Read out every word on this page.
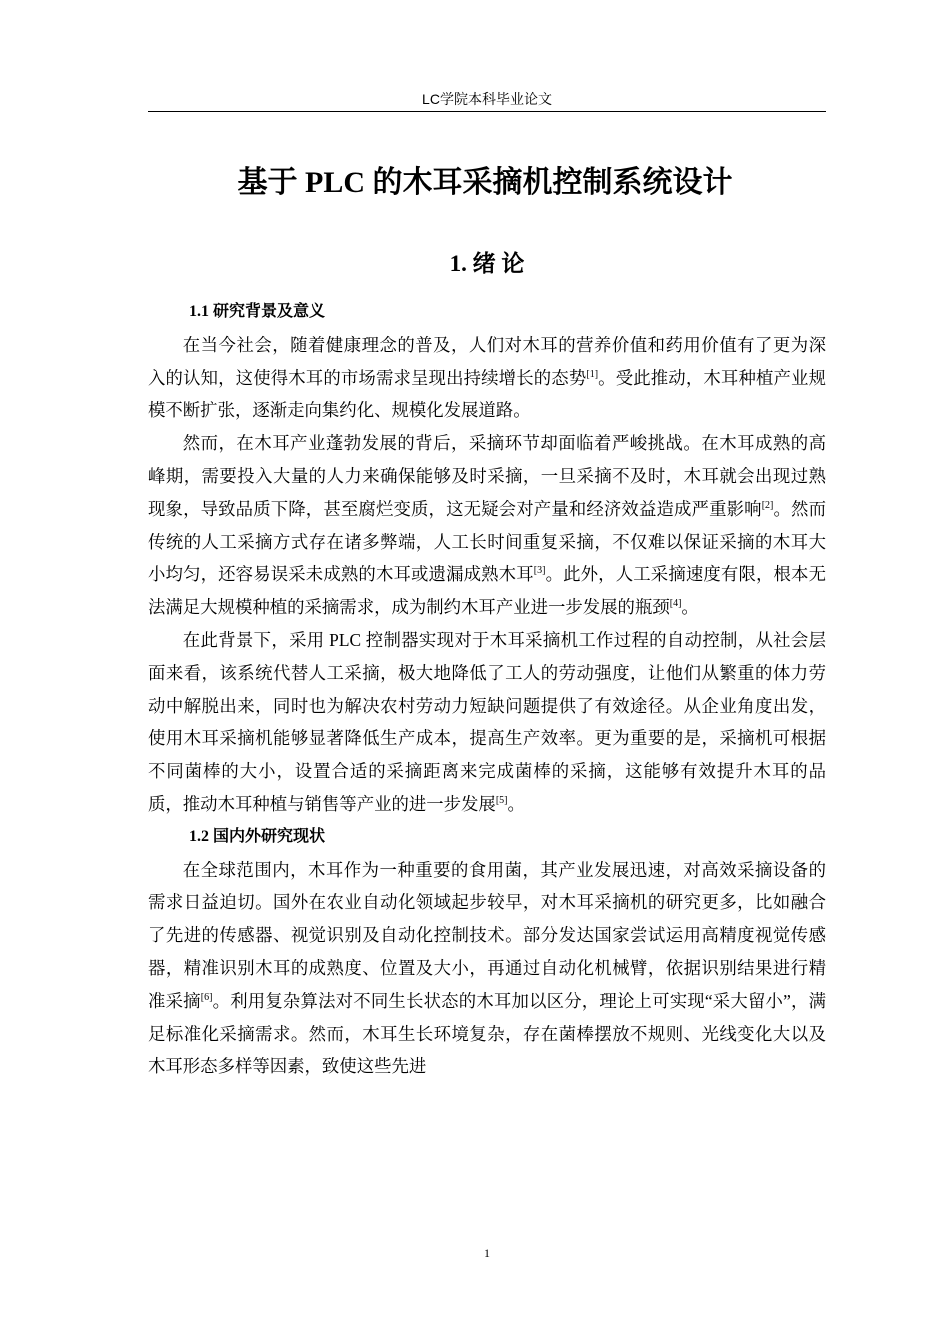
LC学院本科毕业论文
基于 PLC 的木耳采摘机控制系统设计
1. 绪 论
1.1 研究背景及意义

在当今社会，随着健康理念的普及，人们对木耳的营养价值和药用价值有了更为深入的认知，这使得木耳的市场需求呈现出持续增长的态势[1]。受此推动，木耳种植产业规模不断扩张，逐渐走向集约化、规模化发展道路。

然而，在木耳产业蓬勃发展的背后，采摘环节却面临着严峻挑战。在木耳成熟的高峰期，需要投入大量的人力来确保能够及时采摘，一旦采摘不及时，木耳就会出现过熟现象，导致品质下降，甚至腐烂变质，这无疑会对产量和经济效益造成严重影响[2]。然而传统的人工采摘方式存在诸多弊端，人工长时间重复采摘，不仅难以保证采摘的木耳大小均匀，还容易误采未成熟的木耳或遗漏成熟木耳[3]。此外，人工采摘速度有限，根本无法满足大规模种植的采摘需求，成为制约木耳产业进一步发展的瓶颈[4]。

在此背景下，采用 PLC 控制器实现对于木耳采摘机工作过程的自动控制，从社会层面来看，该系统代替人工采摘，极大地降低了工人的劳动强度，让他们从繁重的体力劳动中解脱出来，同时也为解决农村劳动力短缺问题提供了有效途径。从企业角度出发，使用木耳采摘机能够显著降低生产成本，提高生产效率。更为重要的是，采摘机可根据不同菌棒的大小，设置合适的采摘距离来完成菌棒的采摘，这能够有效提升木耳的品质，推动木耳种植与销售等产业的进一步发展[5]。

1.2 国内外研究现状

在全球范围内，木耳作为一种重要的食用菌，其产业发展迅速，对高效采摘设备的需求日益迫切。国外在农业自动化领域起步较早，对木耳采摘机的研究更多，比如融合了先进的传感器、视觉识别及自动化控制技术。部分发达国家尝试运用高精度视觉传感器，精准识别木耳的成熟度、位置及大小，再通过自动化机械臂，依据识别结果进行精准采摘[6]。利用复杂算法对不同生长状态的木耳加以区分，理论上可实现“采大留小”，满足标准化采摘需求。然而，木耳生长环境复杂，存在菌棒摆放不规则、光线变化大以及木耳形态多样等因素，致使这些先进

1
